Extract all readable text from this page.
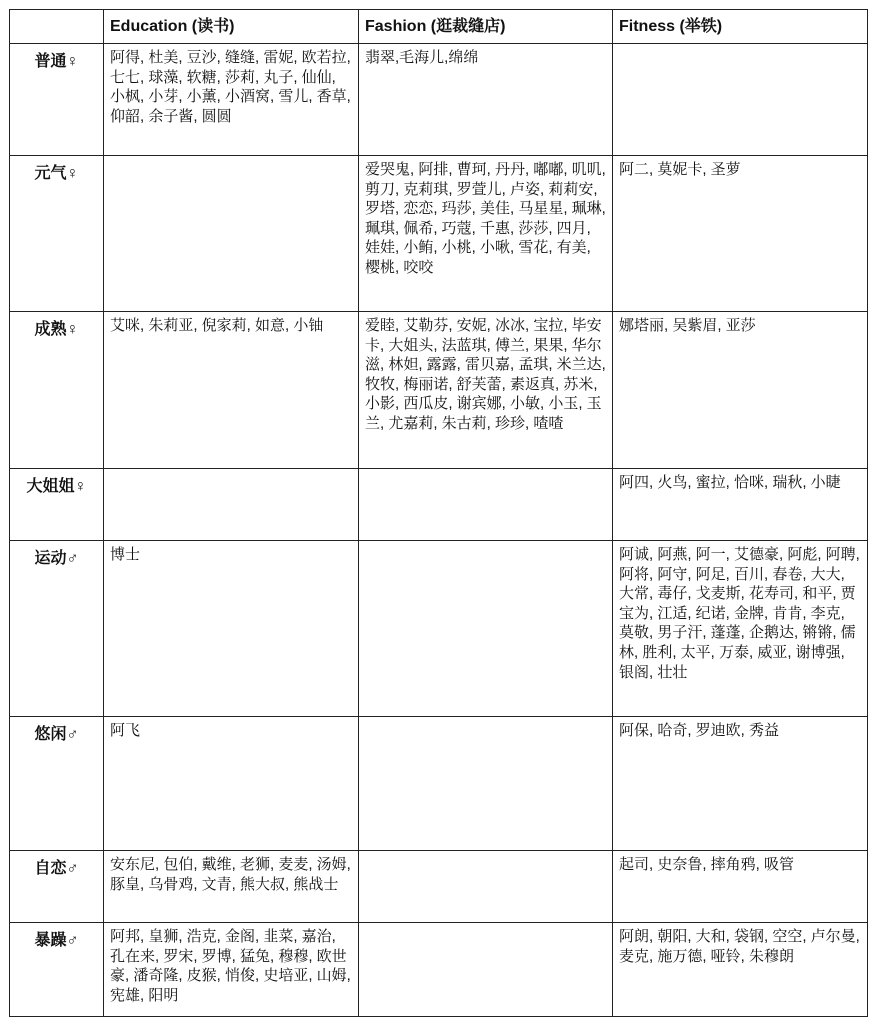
	Education (读书)	Fashion (逛裁缝店)	Fitness (举铁)
普通♀	阿得, 杜美, 豆沙, 缝缝, 雷妮, 欧若拉, 七七, 球藻, 软糖, 莎莉, 丸子, 仙仙, 小枫, 小芽, 小薰, 小酒窝, 雪儿, 香草, 仰韶, 余子酱, 圆圆	翡翠,毛海儿,绵绵	
元气♀		爱哭鬼, 阿排, 曹珂, 丹丹, 嘟嘟, 叽叽, 剪刀, 克莉琪, 罗萱儿, 卢姿, 莉莉安, 罗塔, 恋恋, 玛莎, 美佳, 马星星, 珮琳, 珮琪, 佩希, 巧蔻, 千惠, 莎莎, 四月, 娃娃, 小鲔, 小桃, 小啾, 雪花, 有美, 樱桃, 咬咬	阿二, 莫妮卡, 圣萝
成熟♀	艾咪, 朱莉亚, 倪家莉, 如意, 小铀	爱睦, 艾勒芬, 安妮, 冰冰, 宝拉, 毕安卡, 大姐头, 法蓝琪, 傅兰, 果果, 华尔滋, 林妲, 露露, 雷贝嘉, 孟琪, 米兰达, 牧牧, 梅丽诺, 舒芙蕾, 素返真, 苏米, 小影, 西瓜皮, 谢宾娜, 小敏, 小玉, 玉兰, 尤嘉莉, 朱古莉, 珍珍, 喳喳	娜塔丽, 吴紫眉, 亚莎
大姐姐♀			阿四, 火鸟, 蜜拉, 恰咪, 瑞秋, 小睫
运动♂	博士		阿诚, 阿燕, 阿一, 艾德豪, 阿彪, 阿聘, 阿将, 阿守, 阿足, 百川, 春卷, 大大, 大常, 毒仔, 戈麦斯, 花寿司, 和平, 贾宝为, 江适, 纪诺, 金牌, 肯肯, 李克, 莫敬, 男子汗, 蓬蓬, 企鹅达, 锵锵, 儒林, 胜利, 太平, 万泰, 威亚, 谢博强, 银阁, 壮壮
悠闲♂	阿飞		阿保, 哈奇, 罗迪欧, 秀益
自恋♂	安东尼, 包伯, 戴维, 老狮, 麦麦, 汤姆, 豚皇, 乌骨鸡, 文青, 熊大叔, 熊战士		起司, 史奈鲁, 摔角鸦, 吸管
暴躁♂	阿邦, 皇狮, 浩克, 金阁, 韭菜, 嘉治, 孔在来, 罗宋, 罗博, 猛兔, 穆穆, 欧世豪, 潘奇隆, 皮猴, 悄俊, 史培亚, 山姆, 宪雄, 阳明		阿朗, 朝阳, 大和, 袋钢, 空空, 卢尔曼, 麦克, 施万德, 哑铃, 朱穆朗
